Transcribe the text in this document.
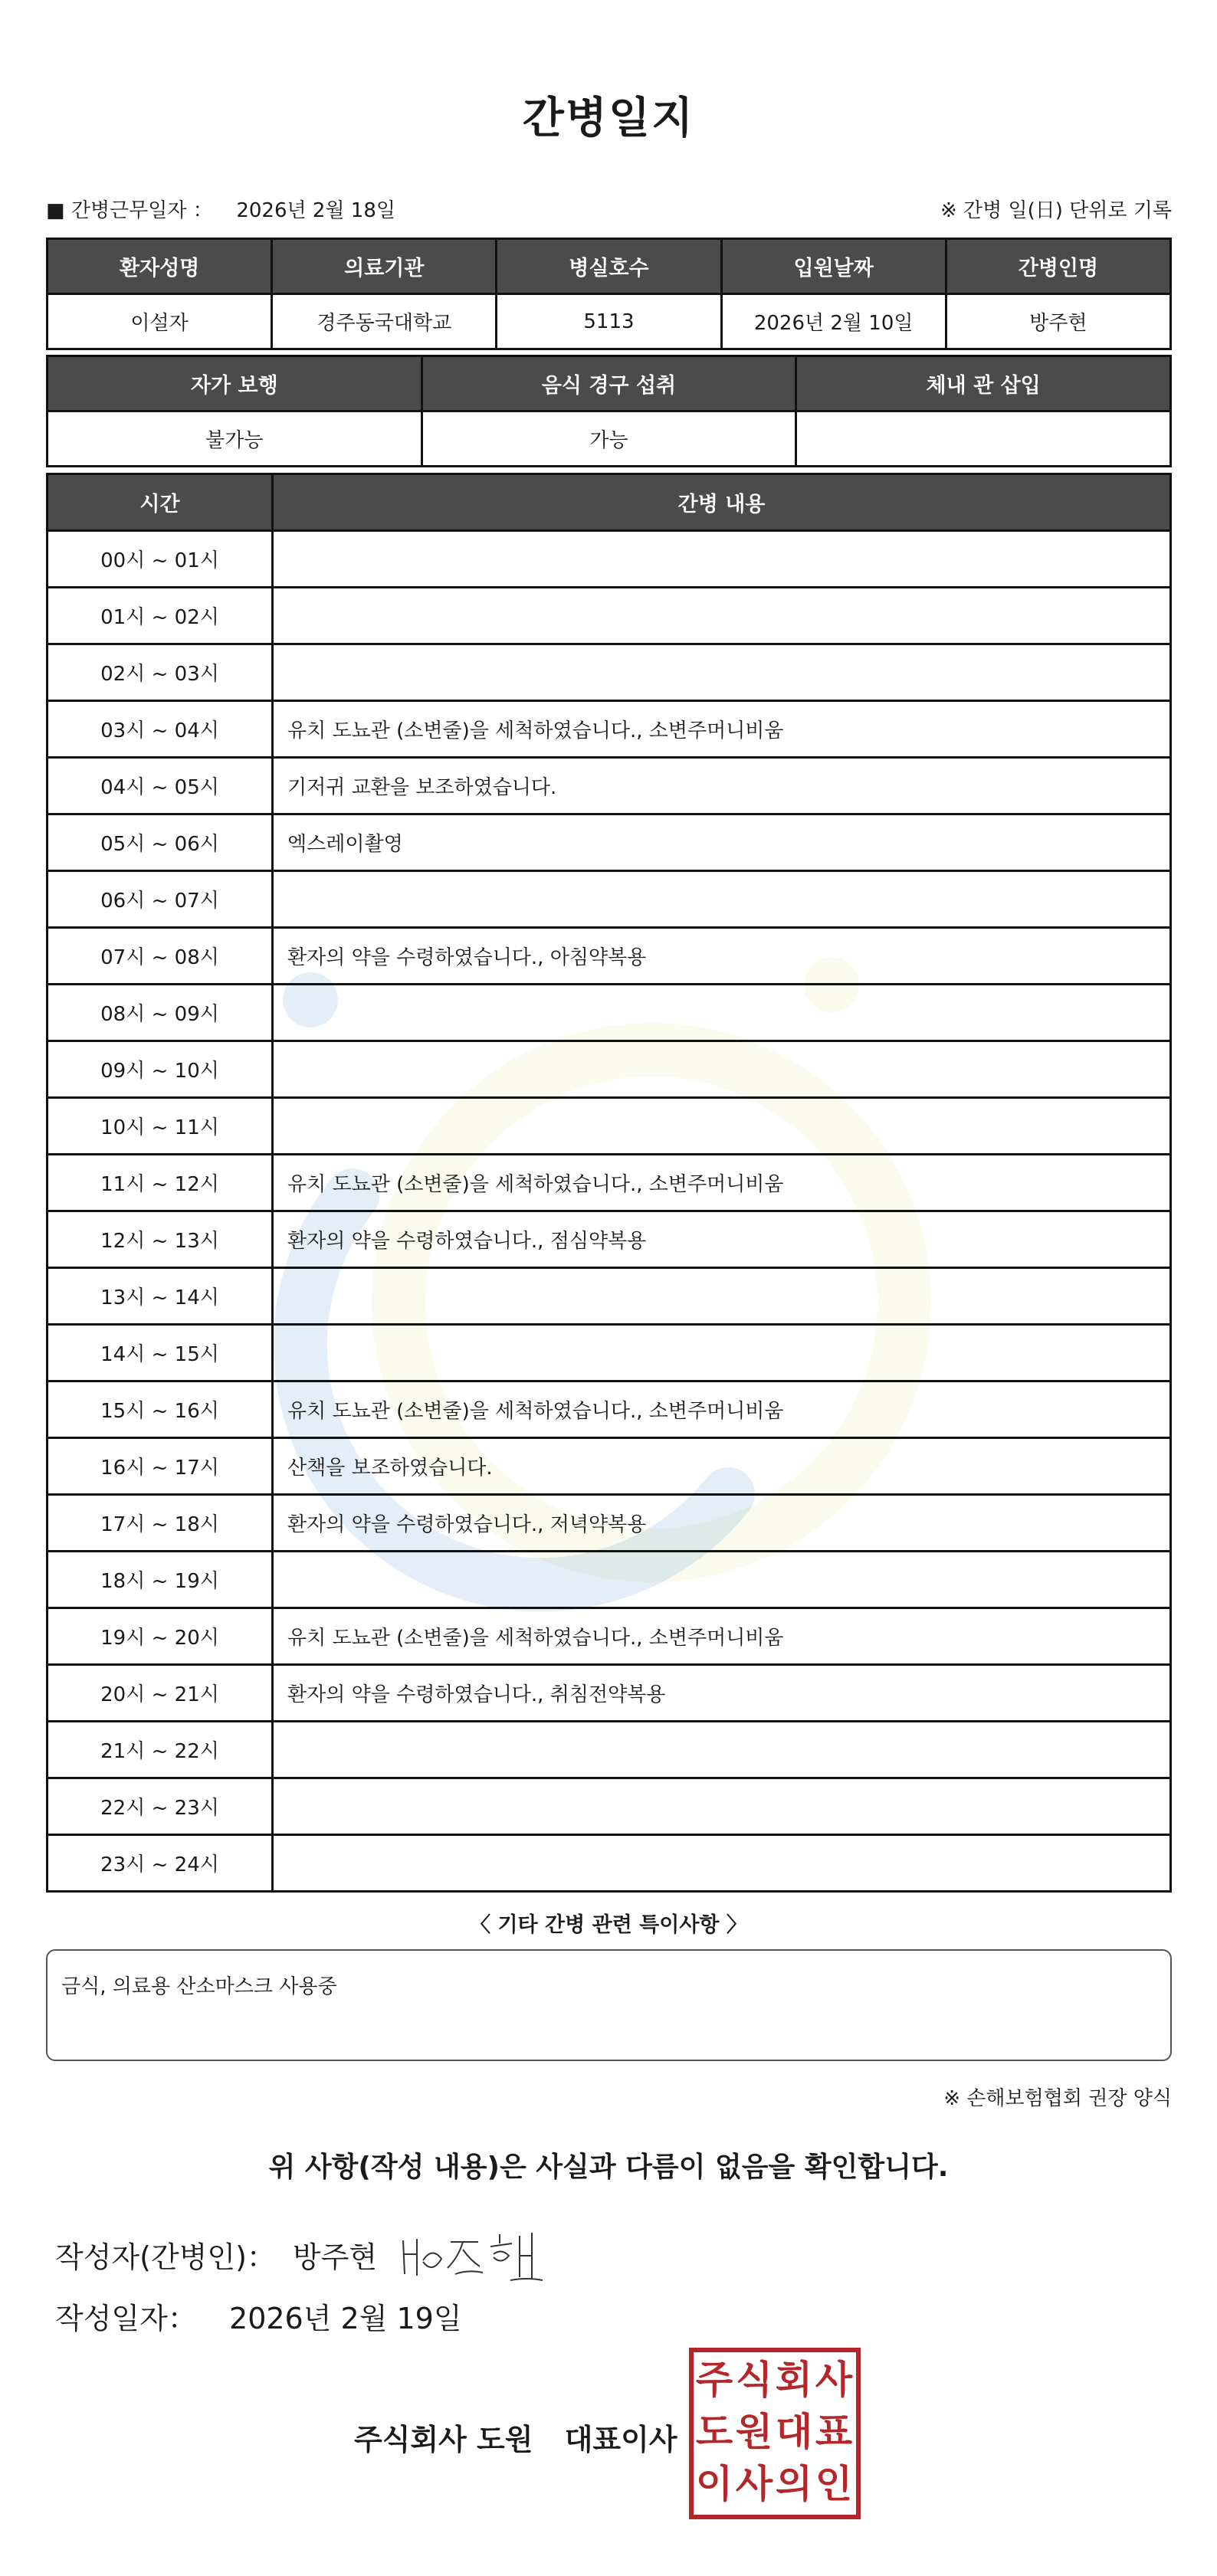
간병일지
■ 간병근무일자 ： 2026년 2월 18일	※ 간병 일(日) 단위로 기록
환자성명	의료기관	병실호수	입원날짜	간병인명
이설자	경주동국대학교	5113	2026년 2월 10일	방주현
자가 보행	음식 경구 섭취	체내 관 삽입
불가능	가능	
시간	간병 내용
00시 ~ 01시	
01시 ~ 02시	
02시 ~ 03시	
03시 ~ 04시	유치 도뇨관 (소변줄)을 세척하였습니다., 소변주머니비움
04시 ~ 05시	기저귀 교환을 보조하였습니다.
05시 ~ 06시	엑스레이촬영
06시 ~ 07시	
07시 ~ 08시	환자의 약을 수령하였습니다., 아침약복용
08시 ~ 09시	
09시 ~ 10시	
10시 ~ 11시	
11시 ~ 12시	유치 도뇨관 (소변줄)을 세척하였습니다., 소변주머니비움
12시 ~ 13시	환자의 약을 수령하였습니다., 점심약복용
13시 ~ 14시	
14시 ~ 15시	
15시 ~ 16시	유치 도뇨관 (소변줄)을 세척하였습니다., 소변주머니비움
16시 ~ 17시	산책을 보조하였습니다.
17시 ~ 18시	환자의 약을 수령하였습니다., 저녁약복용
18시 ~ 19시	
19시 ~ 20시	유치 도뇨관 (소변줄)을 세척하였습니다., 소변주머니비움
20시 ~ 21시	환자의 약을 수령하였습니다., 취침전약복용
21시 ~ 22시	
22시 ~ 23시	
23시 ~ 24시	
〈 기타 간병 관련 특이사항 〉
금식, 의료용 산소마스크 사용중
※ 손해보험협회 권장 양식
위 사항(작성 내용)은 사실과 다름이 없음을 확인합니다.
작성자(간병인)： 방주현
작성일자： 2026년 2월 19일
주식회사 도원 대표이사
주 식 회 사
도 원 대 표
이 사 의 인
